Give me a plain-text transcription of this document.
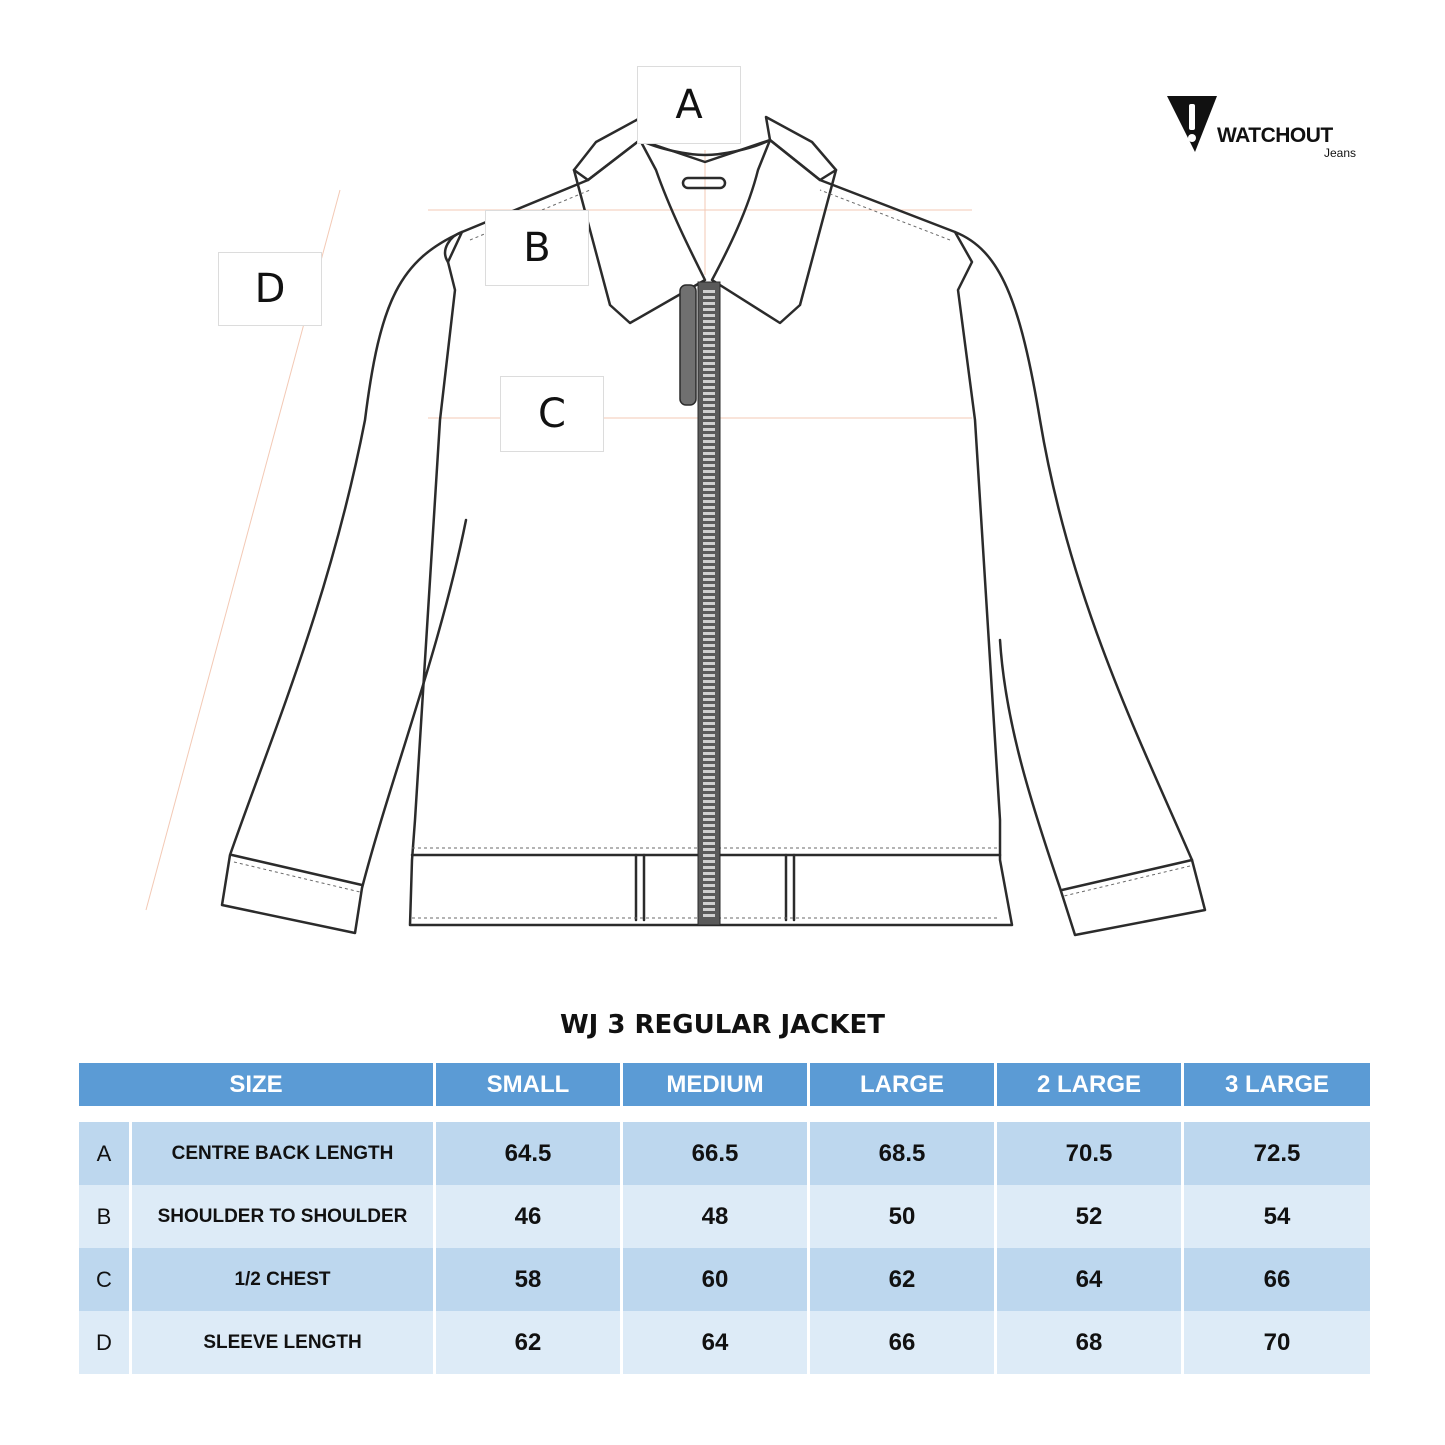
A
B
C
D
WATCHOUT
Jeans
WJ 3 REGULAR JACKET
SIZE		SMALL	MEDIUM	LARGE	2 LARGE	3 LARGE

A	CENTRE BACK LENGTH	64.5	66.5	68.5	70.5	72.5
B	SHOULDER TO SHOULDER	46	48	50	52	54
C	1/2 CHEST	58	60	62	64	66
D	SLEEVE LENGTH	62	64	66	68	70
